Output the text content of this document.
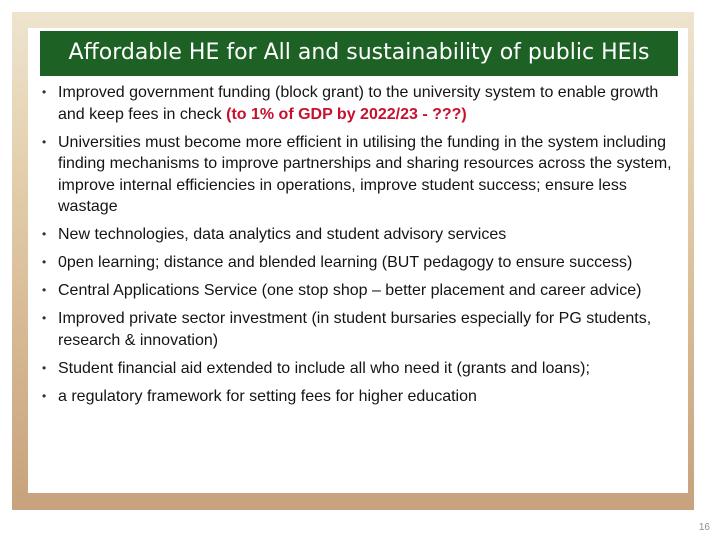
Affordable HE for All and sustainability of public HEIs
• Improved government funding (block grant) to the university system to enable growth and keep fees in check (to 1% of GDP by 2022/23 - ???)
• Universities must become more efficient in utilising the funding in the system including finding mechanisms to improve partnerships and sharing resources across the system, improve internal efficiencies in operations, improve student success; ensure less wastage
• New technologies, data analytics and student advisory services
• 0pen learning; distance and blended learning (BUT pedagogy to ensure success)
• Central Applications Service (one stop shop – better placement and career advice)
• Improved private sector investment (in student bursaries especially for PG students, research & innovation)
• Student financial aid extended to include all who need it (grants and loans);
• a regulatory framework for setting fees for higher education
16
